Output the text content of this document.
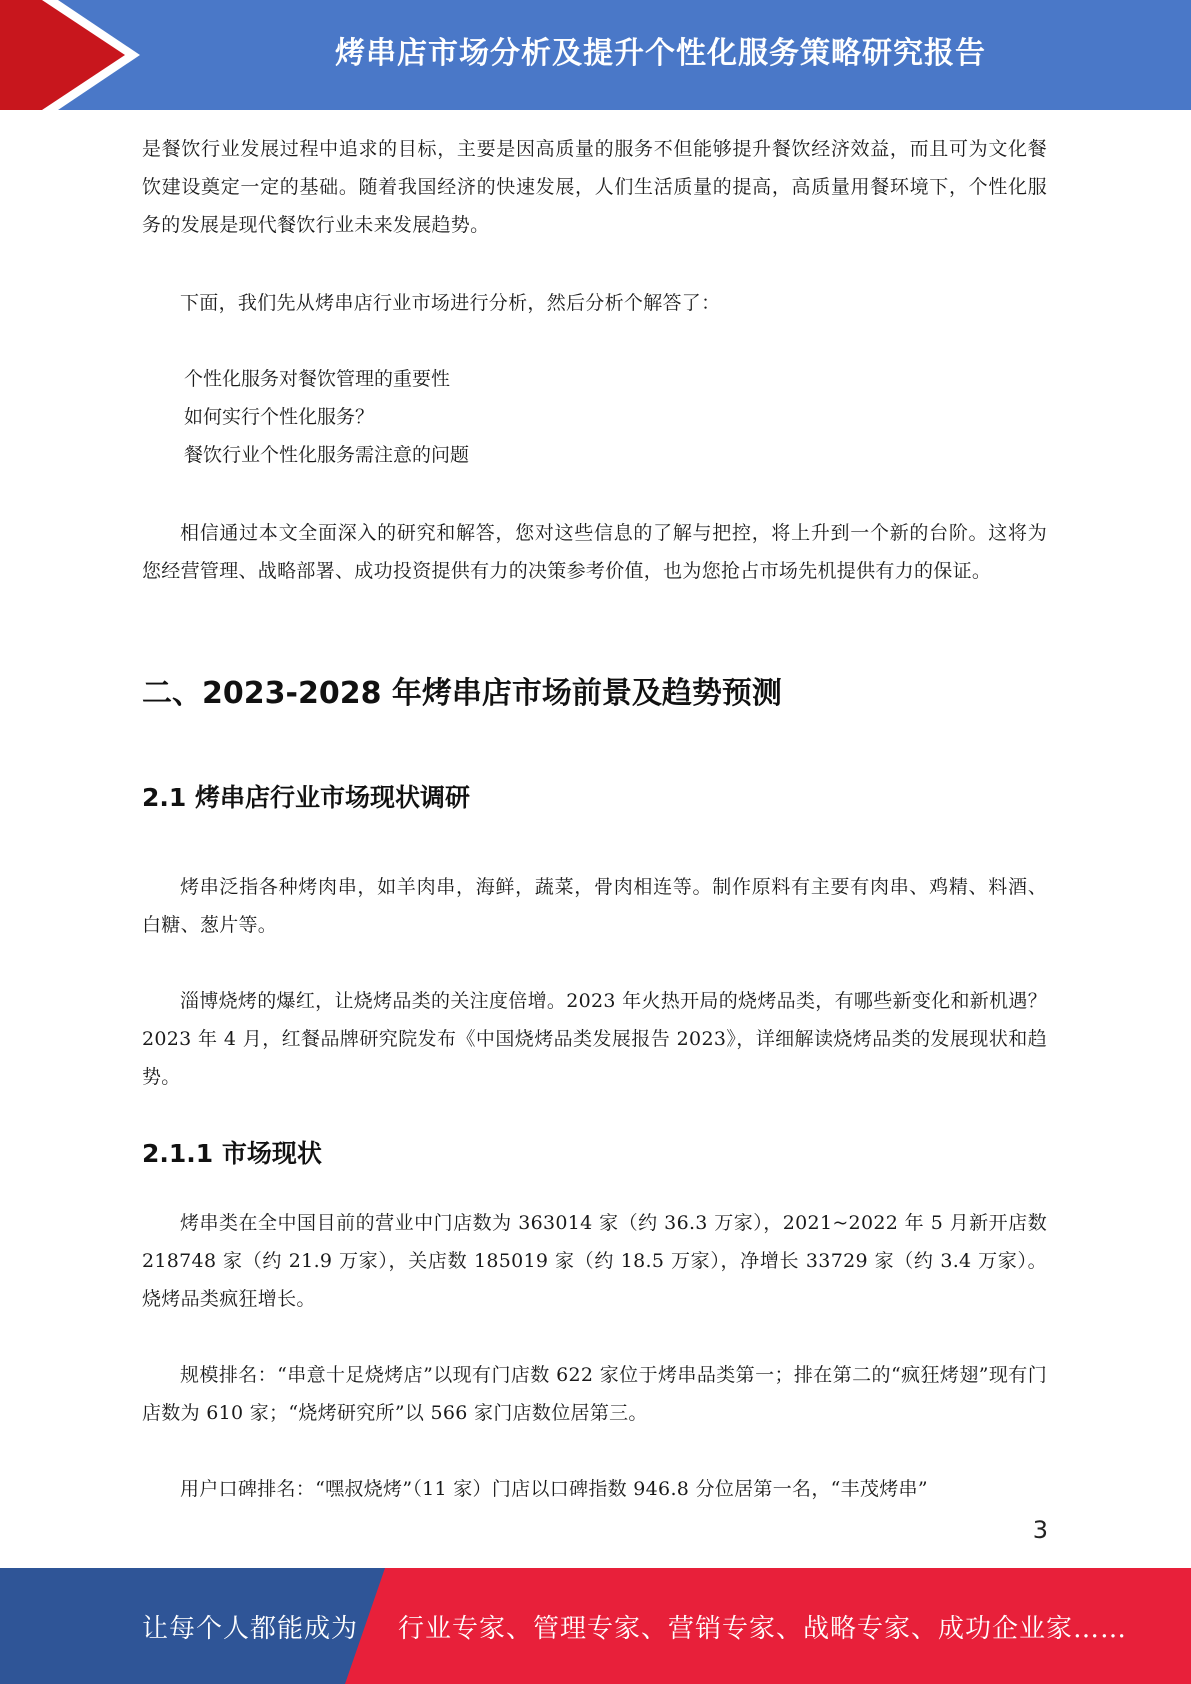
烤串店市场分析及提升个性化服务策略研究报告

是餐饮行业发展过程中追求的目标，主要是因高质量的服务不但能够提升餐饮经济效益，而且可为文化餐饮建设奠定一定的基础。随着我国经济的快速发展，人们生活质量的提高，高质量用餐环境下，个性化服务的发展是现代餐饮行业未来发展趋势。

下面，我们先从烤串店行业市场进行分析，然后分析个解答了：

个性化服务对餐饮管理的重要性

如何实行个性化服务？

餐饮行业个性化服务需注意的问题

相信通过本文全面深入的研究和解答，您对这些信息的了解与把控，将上升到一个新的台阶。这将为您经营管理、战略部署、成功投资提供有力的决策参考价值，也为您抢占市场先机提供有力的保证。

二、2023-2028 年烤串店市场前景及趋势预测
2.1 烤串店行业市场现状调研

烤串泛指各种烤肉串，如羊肉串，海鲜，蔬菜，骨肉相连等。制作原料有主要有肉串、鸡精、料酒、白糖、葱片等。

淄博烧烤的爆红，让烧烤品类的关注度倍增。2023 年火热开局的烧烤品类，有哪些新变化和新机遇？2023 年 4 月，红餐品牌研究院发布《中国烧烤品类发展报告 2023》，详细解读烧烤品类的发展现状和趋势。

2.1.1 市场现状

烤串类在全中国目前的营业中门店数为 363014 家（约 36.3 万家），2021~2022 年 5 月新开店数 218748 家（约 21.9 万家），关店数 185019 家（约 18.5 万家），净增长 33729 家（约 3.4 万家）。烧烤品类疯狂增长。

规模排名：“串意十足烧烤店”以现有门店数 622 家位于烤串品类第一；排在第二的“疯狂烤翅”现有门店数为 610 家；“烧烤研究所”以 566 家门店数位居第三。

用户口碑排名：“嘿叔烧烤”（11 家）门店以口碑指数 946.8 分位居第一名，“丰茂烤串”

3
让每个人都能成为 行业专家、管理专家、营销专家、战略专家、成功企业家……
